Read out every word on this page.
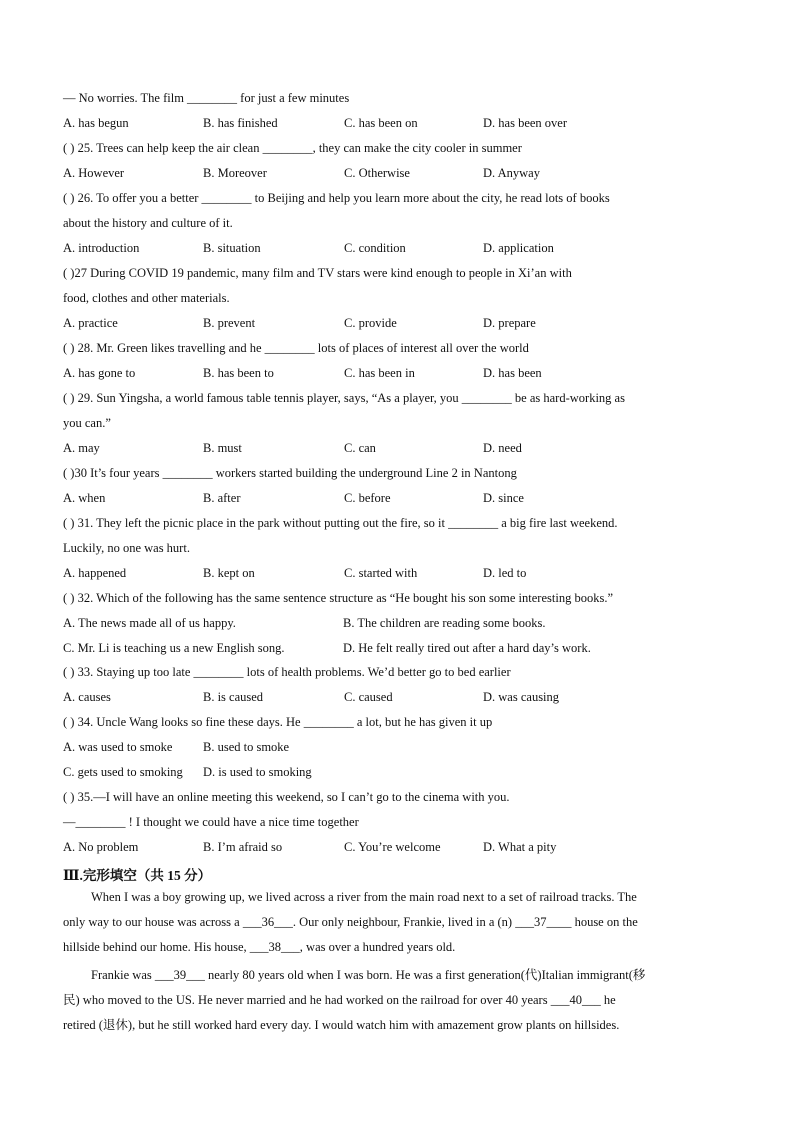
— No worries. The film ________ for just a few minutes
A. has begun	B. has finished	C. has been on	D. has been over
( ) 25. Trees can help keep the air clean ________, they can make the city cooler in summer
A. However	B. Moreover	C. Otherwise	D. Anyway
( ) 26. To offer you a better ________ to Beijing and help you learn more about the city, he read lots of books
about the history and culture of it.
A. introduction	B. situation	C. condition	D. application
( )27 During COVID 19 pandemic, many film and TV stars were kind enough to people in Xi’an with
food, clothes and other materials.
A. practice	B. prevent	C. provide	D. prepare
( ) 28. Mr. Green likes travelling and he ________ lots of places of interest all over the world
A. has gone to	B. has been to	C. has been in	D. has been
( ) 29. Sun Yingsha, a world famous table tennis player, says, “As a player, you ________ be as hard-working as
you can.”
A. may	B. must	C. can	D. need
( )30 It’s four years ________ workers started building the underground Line 2 in Nantong
A. when	B. after	C. before	D. since
( ) 31. They left the picnic place in the park without putting out the fire, so it ________ a big fire last weekend.
Luckily, no one was hurt.
A. happened	B. kept on	C. started with	D. led to
( ) 32. Which of the following has the same sentence structure as “He bought his son some interesting books.”
A. The news made all of us happy.	B. The children are reading some books.
C. Mr. Li is teaching us a new English song.	D. He felt really tired out after a hard day’s work.
( ) 33. Staying up too late ________ lots of health problems. We’d better go to bed earlier
A. causes	B. is caused	C. caused	D. was causing
( ) 34. Uncle Wang looks so fine these days. He ________ a lot, but he has given it up
A. was used to smoke B. used to smoke
C. gets used to smoking D. is used to smoking
( ) 35.—I will have an online meeting this weekend, so I can’t go to the cinema with you.
—________ ! I thought we could have a nice time together
A. No problem	B. I’m afraid so	C. You’re welcome	D. What a pity
Ⅲ.完形填空（共 15 分）
When I was a boy growing up, we lived across a river from the main road next to a set of railroad tracks. The
only way to our house was across a ___36___. Our only neighbour, Frankie, lived in a (n) ___37____ house on the
hillside behind our home. His house, ___38___, was over a hundred years old.
Frankie was ___39___ nearly 80 years old when I was born. He was a first generation(代)Italian immigrant(移
民) who moved to the US. He never married and he had worked on the railroad for over 40 years ___40___ he
retired (退休), but he still worked hard every day. I would watch him with amazement grow plants on hillsides.
